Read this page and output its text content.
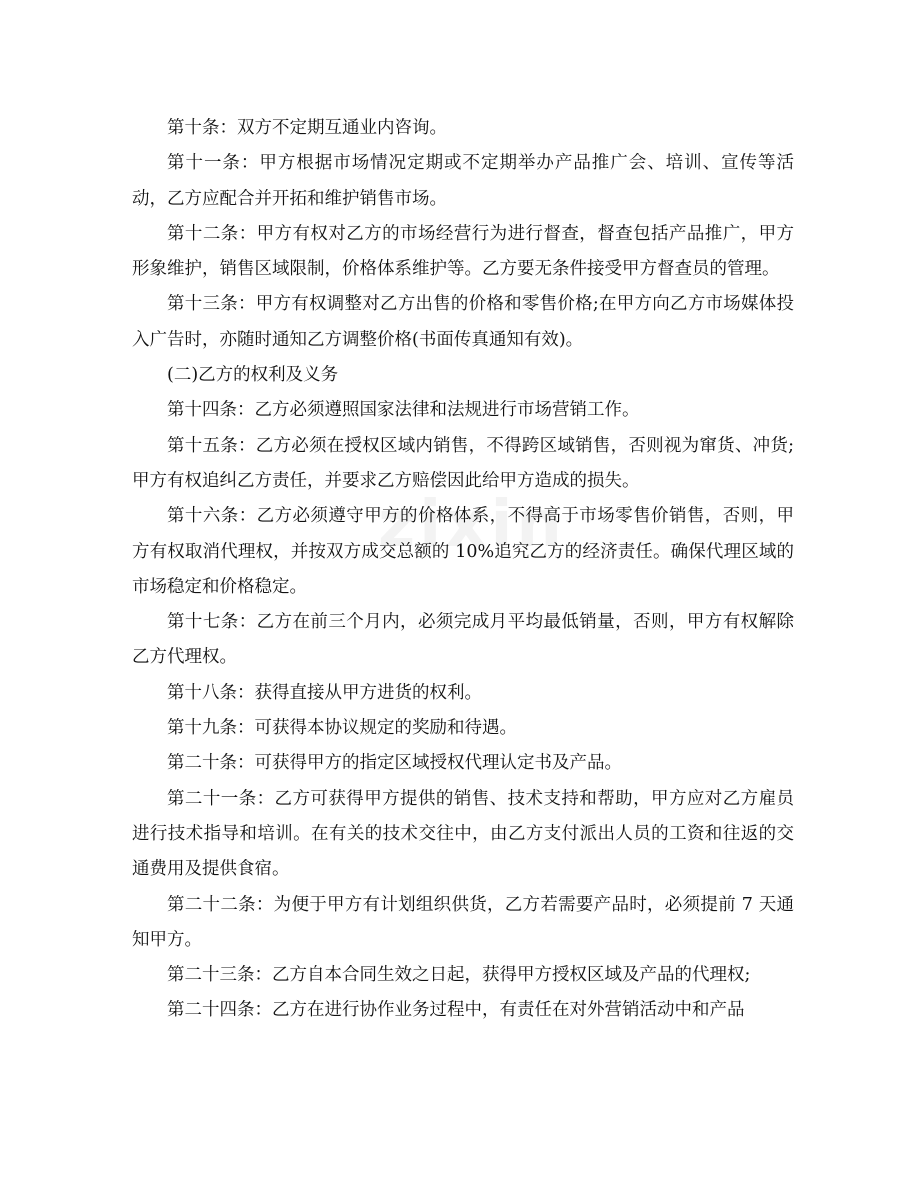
zixin

第十条：双方不定期互通业内咨询。

第十一条：甲方根据市场情况定期或不定期举办产品推广会、培训、宣传等活动，乙方应配合并开拓和维护销售市场。

第十二条：甲方有权对乙方的市场经营行为进行督查，督查包括产品推广，甲方形象维护，销售区域限制，价格体系维护等。乙方要无条件接受甲方督查员的管理。

第十三条：甲方有权调整对乙方出售的价格和零售价格;在甲方向乙方市场媒体投入广告时，亦随时通知乙方调整价格(书面传真通知有效)。

(二)乙方的权利及义务

第十四条：乙方必须遵照国家法律和法规进行市场营销工作。

第十五条：乙方必须在授权区域内销售，不得跨区域销售，否则视为窜货、冲货;甲方有权追纠乙方责任，并要求乙方赔偿因此给甲方造成的损失。

第十六条：乙方必须遵守甲方的价格体系，不得高于市场零售价销售，否则，甲方有权取消代理权，并按双方成交总额的 10%追究乙方的经济责任。确保代理区域的市场稳定和价格稳定。

第十七条：乙方在前三个月内，必须完成月平均最低销量，否则，甲方有权解除乙方代理权。

第十八条：获得直接从甲方进货的权利。

第十九条：可获得本协议规定的奖励和待遇。

第二十条：可获得甲方的指定区域授权代理认定书及产品。

第二十一条：乙方可获得甲方提供的销售、技术支持和帮助，甲方应对乙方雇员进行技术指导和培训。在有关的技术交往中，由乙方支付派出人员的工资和往返的交通费用及提供食宿。

第二十二条：为便于甲方有计划组织供货，乙方若需要产品时，必须提前 7 天通知甲方。

第二十三条：乙方自本合同生效之日起，获得甲方授权区域及产品的代理权;

第二十四条：乙方在进行协作业务过程中，有责任在对外营销活动中和产品
